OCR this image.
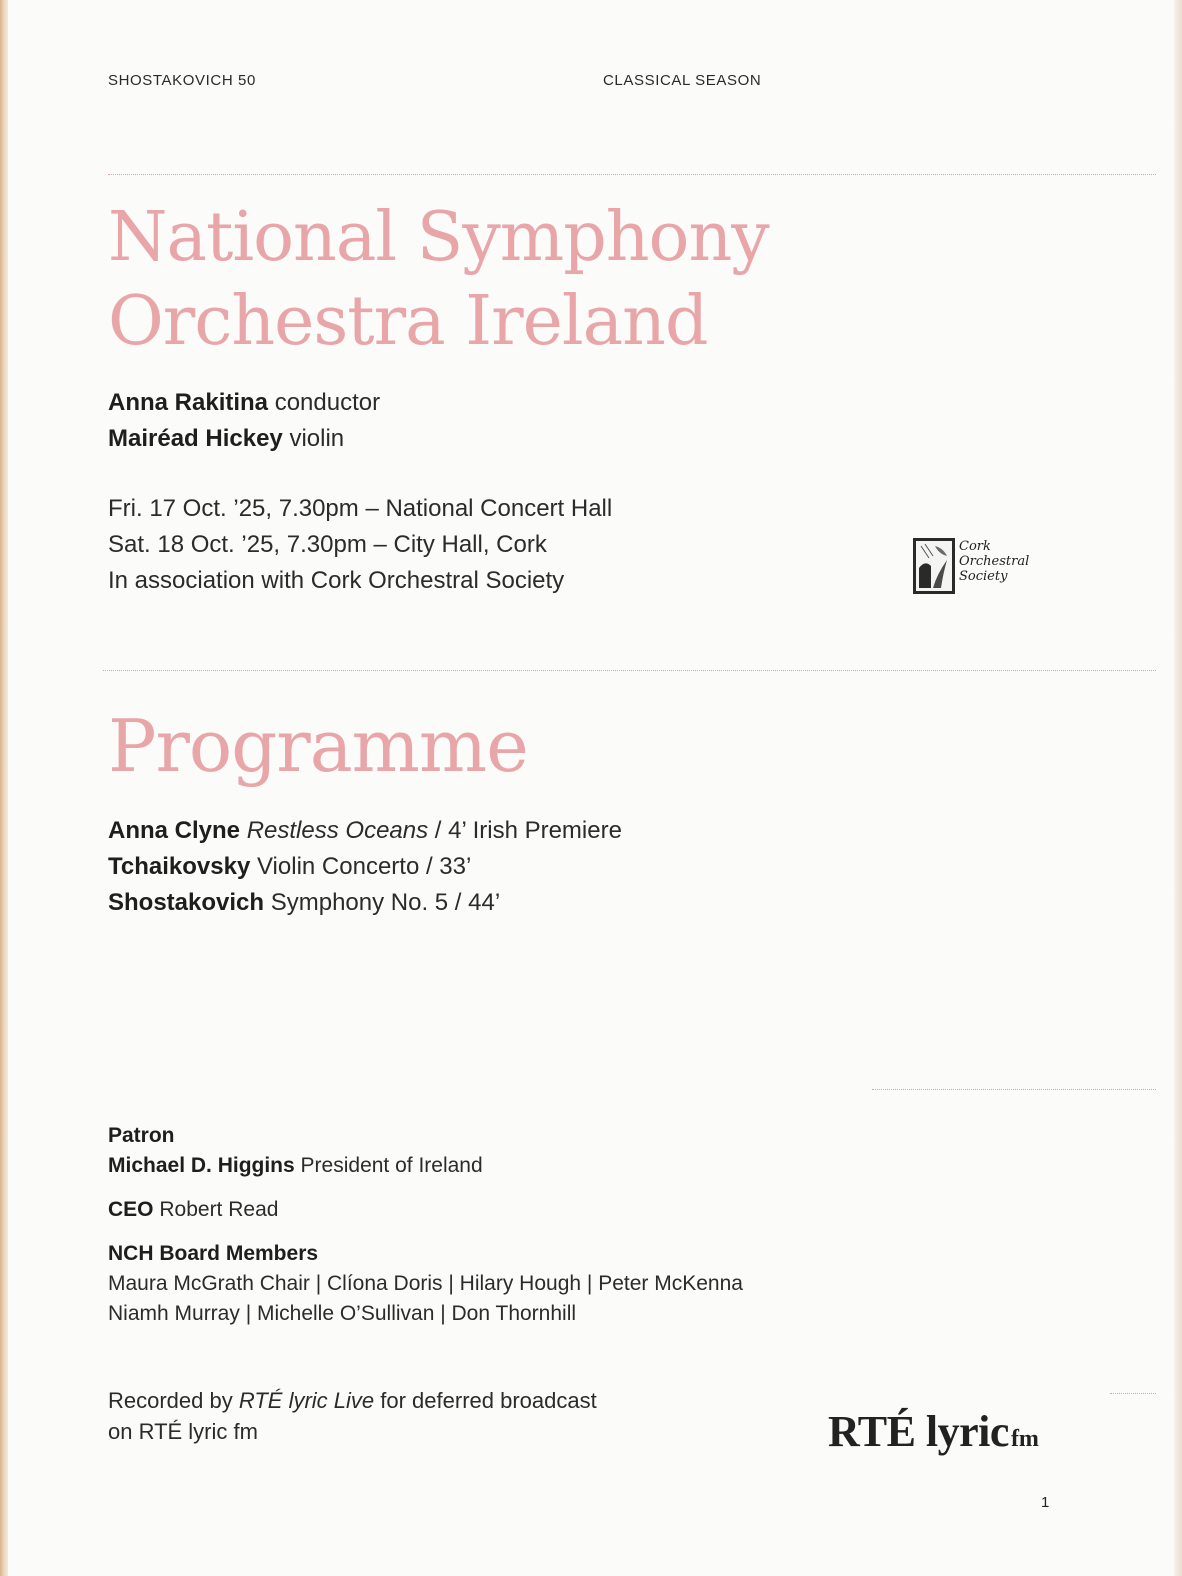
SHOSTAKOVICH 50	CLASSICAL SEASON
National Symphony
Orchestra Ireland
Anna Rakitina conductor
Mairéad Hickey violin
Fri. 17 Oct. ’25, 7.30pm – National Concert Hall
Sat. 18 Oct. ’25, 7.30pm – City Hall, Cork
In association with Cork Orchestral Society
Cork
Orchestral
Society
Programme
Anna Clyne Restless Oceans / 4’ Irish Premiere
Tchaikovsky Violin Concerto / 33’
Shostakovich Symphony No. 5 / 44’
Patron
Michael D. Higgins President of Ireland
CEO Robert Read
NCH Board Members
Maura McGrath Chair | Clíona Doris | Hilary Hough | Peter McKenna
Niamh Murray | Michelle O’Sullivan | Don Thornhill
Recorded by RTÉ lyric Live for deferred broadcast
on RTÉ lyric fm	RTÉ lyricfm
1
